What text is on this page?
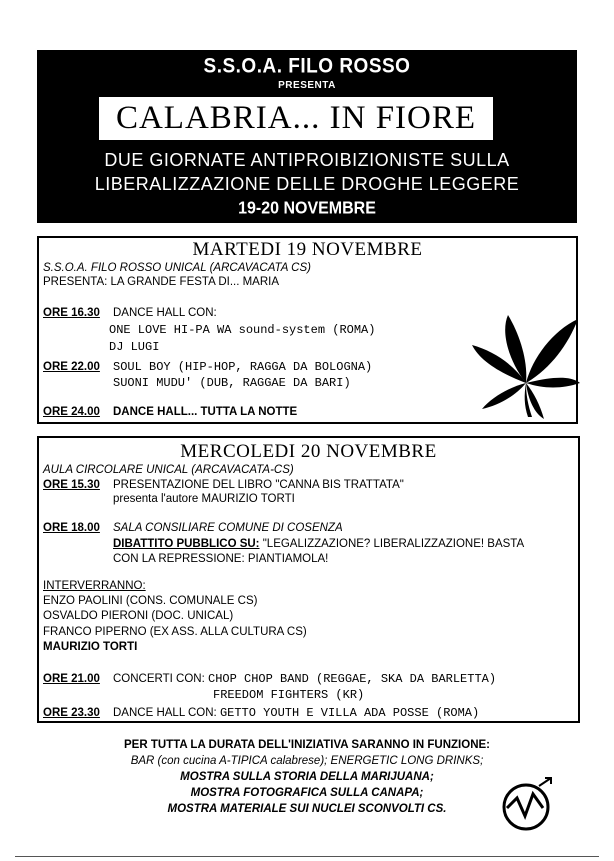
S.S.O.A. FILO ROSSO
PRESENTA
CALABRIA... IN FIORE
DUE GIORNATE ANTIPROIBIZIONISTE SULLA
LIBERALIZZAZIONE DELLE DROGHE LEGGERE
19-20 NOVEMBRE
MARTEDI 19 NOVEMBRE
S.S.O.A. FILO ROSSO UNICAL (ARCAVACATA CS)
PRESENTA: LA GRANDE FESTA DI... MARIA
ORE 16.30 DANCE HALL CON:
ONE LOVE HI-PA WA sound-system (ROMA)
DJ LUGI
ORE 22.00 SOUL BOY (HIP-HOP, RAGGA DA BOLOGNA)
SUONI MUDU' (DUB, RAGGAE DA BARI)
ORE 24.00 DANCE HALL... TUTTA LA NOTTE
MERCOLEDI 20 NOVEMBRE
AULA CIRCOLARE UNICAL (ARCAVACATA-CS)
ORE 15.30 PRESENTAZIONE DEL LIBRO "CANNA BIS TRATTATA"
presenta l'autore MAURIZIO TORTI
ORE 18.00 SALA CONSILIARE COMUNE DI COSENZA
DIBATTITO PUBBLICO SU: "LEGALIZZAZIONE? LIBERALIZZAZIONE! BASTA
CON LA REPRESSIONE: PIANTIAMOLA!
INTERVERRANNO:
ENZO PAOLINI (CONS. COMUNALE CS)
OSVALDO PIERONI (DOC. UNICAL)
FRANCO PIPERNO (EX ASS. ALLA CULTURA CS)
MAURIZIO TORTI
ORE 21.00 CONCERTI CON: CHOP CHOP BAND (REGGAE, SKA DA BARLETTA)
FREEDOM FIGHTERS (KR)
ORE 23.30 DANCE HALL CON: GETTO YOUTH E VILLA ADA POSSE (ROMA)
PER TUTTA LA DURATA DELL'INIZIATIVA SARANNO IN FUNZIONE:
BAR (con cucina A-TIPICA calabrese); ENERGETIC LONG DRINKS;
MOSTRA SULLA STORIA DELLA MARIJUANA;
MOSTRA FOTOGRAFICA SULLA CANAPA;
MOSTRA MATERIALE SUI NUCLEI SCONVOLTI CS.
